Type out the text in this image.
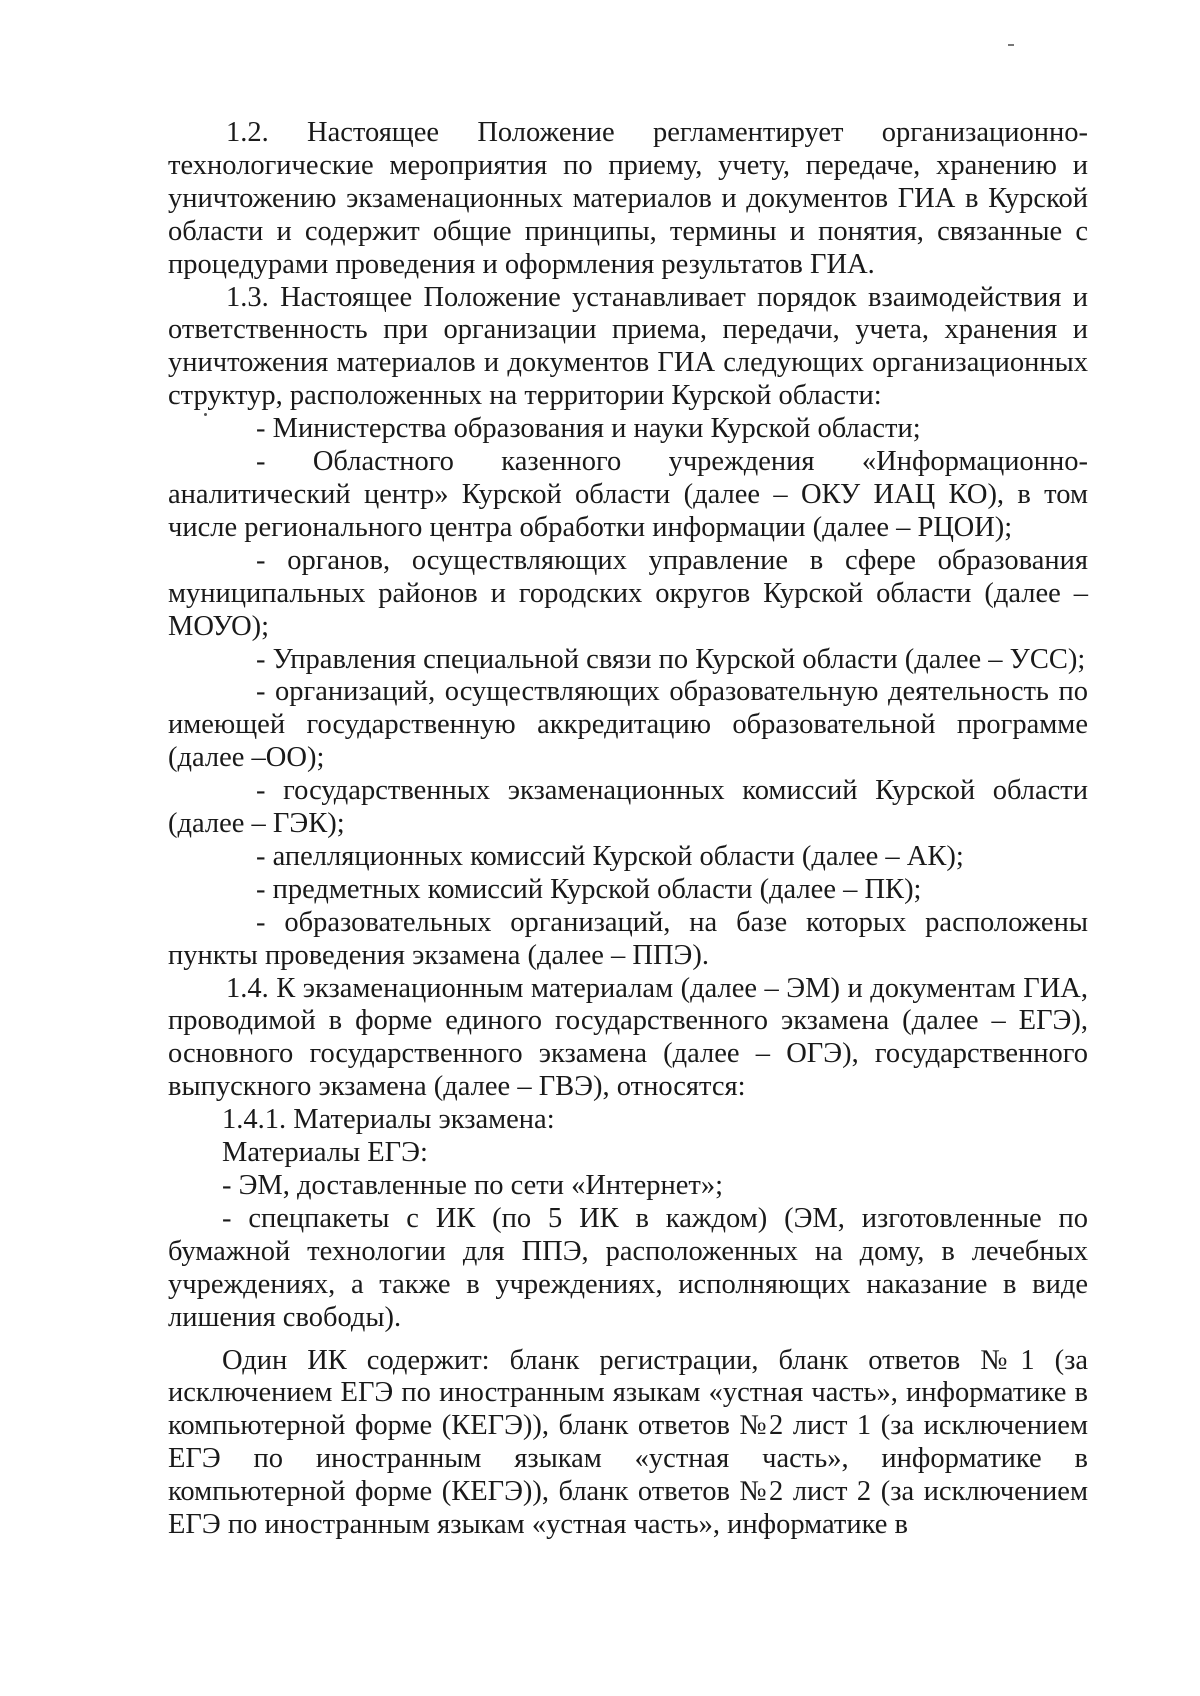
1.2. Настоящее Положение регламентирует организационно-технологические мероприятия по приему, учету, передаче, хранению и уничтожению экзаменационных материалов и документов ГИА в Курской области и содержит общие принципы, термины и понятия, связанные с процедурами проведения и оформления результатов ГИА.

1.3. Настоящее Положение устанавливает порядок взаимодействия и ответственность при организации приема, передачи, учета, хранения и уничтожения материалов и документов ГИА следующих организационных структур, расположенных на территории Курской области:

- Министерства образования и науки Курской области;

- Областного казенного учреждения «Информационно-аналитический центр» Курской области (далее – ОКУ ИАЦ КО), в том числе регионального центра обработки информации (далее – РЦОИ);

- органов, осуществляющих управление в сфере образования муниципальных районов и городских округов Курской области (далее – МОУО);

- Управления специальной связи по Курской области (далее – УСС);

- организаций, осуществляющих образовательную деятельность по имеющей государственную аккредитацию образовательной программе (далее –ОО);

- государственных экзаменационных комиссий Курской области (далее – ГЭК);

- апелляционных комиссий Курской области (далее – АК);

- предметных комиссий Курской области (далее – ПК);

- образовательных организаций, на базе которых расположены пункты проведения экзамена (далее – ППЭ).

1.4. К экзаменационным материалам (далее – ЭМ) и документам ГИА, проводимой в форме единого государственного экзамена (далее – ЕГЭ), основного государственного экзамена (далее – ОГЭ), государственного выпускного экзамена (далее – ГВЭ), относятся:

1.4.1. Материалы экзамена:

Материалы ЕГЭ:

- ЭМ, доставленные по сети «Интернет»;

- спецпакеты с ИК (по 5 ИК в каждом) (ЭМ, изготовленные по бумажной технологии для ППЭ, расположенных на дому, в лечебных учреждениях, а также в учреждениях, исполняющих наказание в виде лишения свободы).

Один ИК содержит: бланк регистрации, бланк ответов №1 (за исключением ЕГЭ по иностранным языкам «устная часть», информатике в компьютерной форме (КЕГЭ)), бланк ответов №2 лист 1 (за исключением ЕГЭ по иностранным языкам «устная часть», информатике в компьютерной форме (КЕГЭ)), бланк ответов №2 лист 2 (за исключением ЕГЭ по иностранным языкам «устная часть», информатике в
